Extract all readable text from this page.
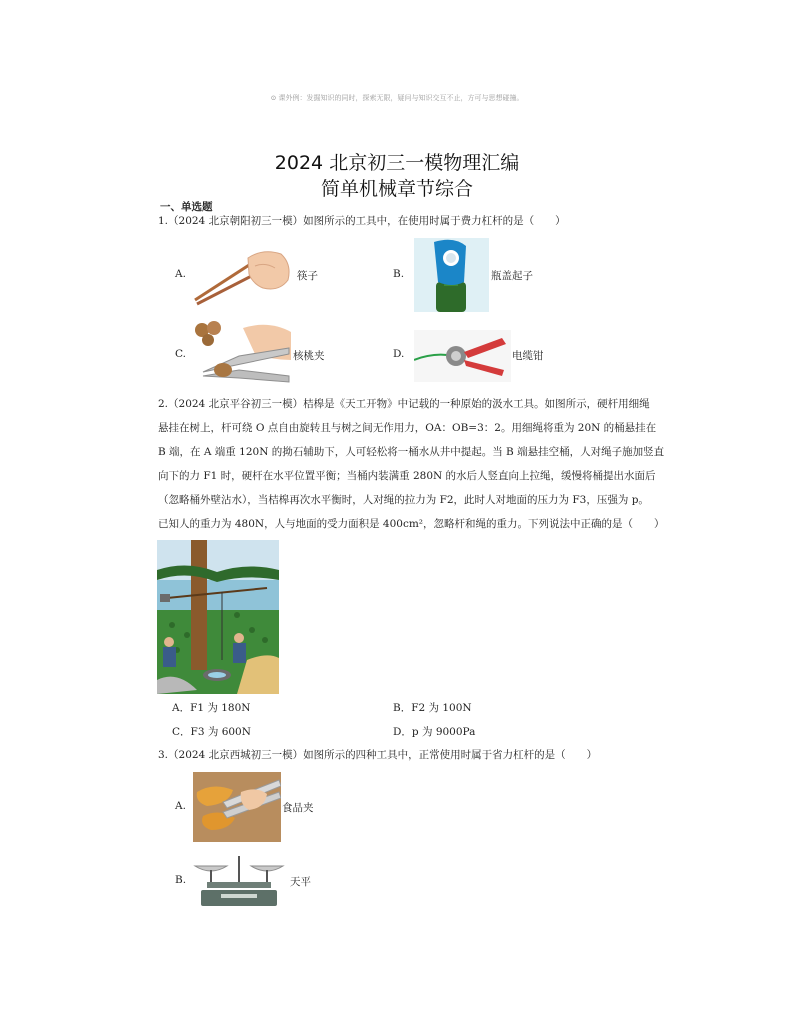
⊙ 课外例：发掘知识的同时，探索无限，疑问与知识交互不止，方可与思想碰撞。
2024 北京初三一模物理汇编
简单机械章节综合
一、单选题
1.（2024 北京朝阳初三一模）如图所示的工具中，在使用时属于费力杠杆的是（　　）
A.	筷子	B.	瓶盖起子
C.	核桃夹	D.	电缆钳
2.（2024 北京平谷初三一模）桔槔是《天工开物》中记载的一种原始的汲水工具。如图所示，硬杆用细绳
悬挂在树上，杆可绕 O 点自由旋转且与树之间无作用力，OA：OB=3：2。用细绳将重为 20N 的桶悬挂在
B 端，在 A 端重 120N 的拗石辅助下，人可轻松将一桶水从井中提起。当 B 端悬挂空桶，人对绳子施加竖直
向下的力 F1 时，硬杆在水平位置平衡；当桶内装满重 280N 的水后人竖直向上拉绳，缓慢将桶提出水面后
（忽略桶外壁沾水），当桔槔再次水平衡时，人对绳的拉力为 F2，此时人对地面的压力为 F3，压强为 p。
已知人的重力为 480N，人与地面的受力面积是 400cm²，忽略杆和绳的重力。下列说法中正确的是（　　）
A．F1 为 180N	B．F2 为 100N
C．F3 为 600N	D．p 为 9000Pa
3.（2024 北京西城初三一模）如图所示的四种工具中，正常使用时属于省力杠杆的是（　　）
A.	食品夹
B.	天平
